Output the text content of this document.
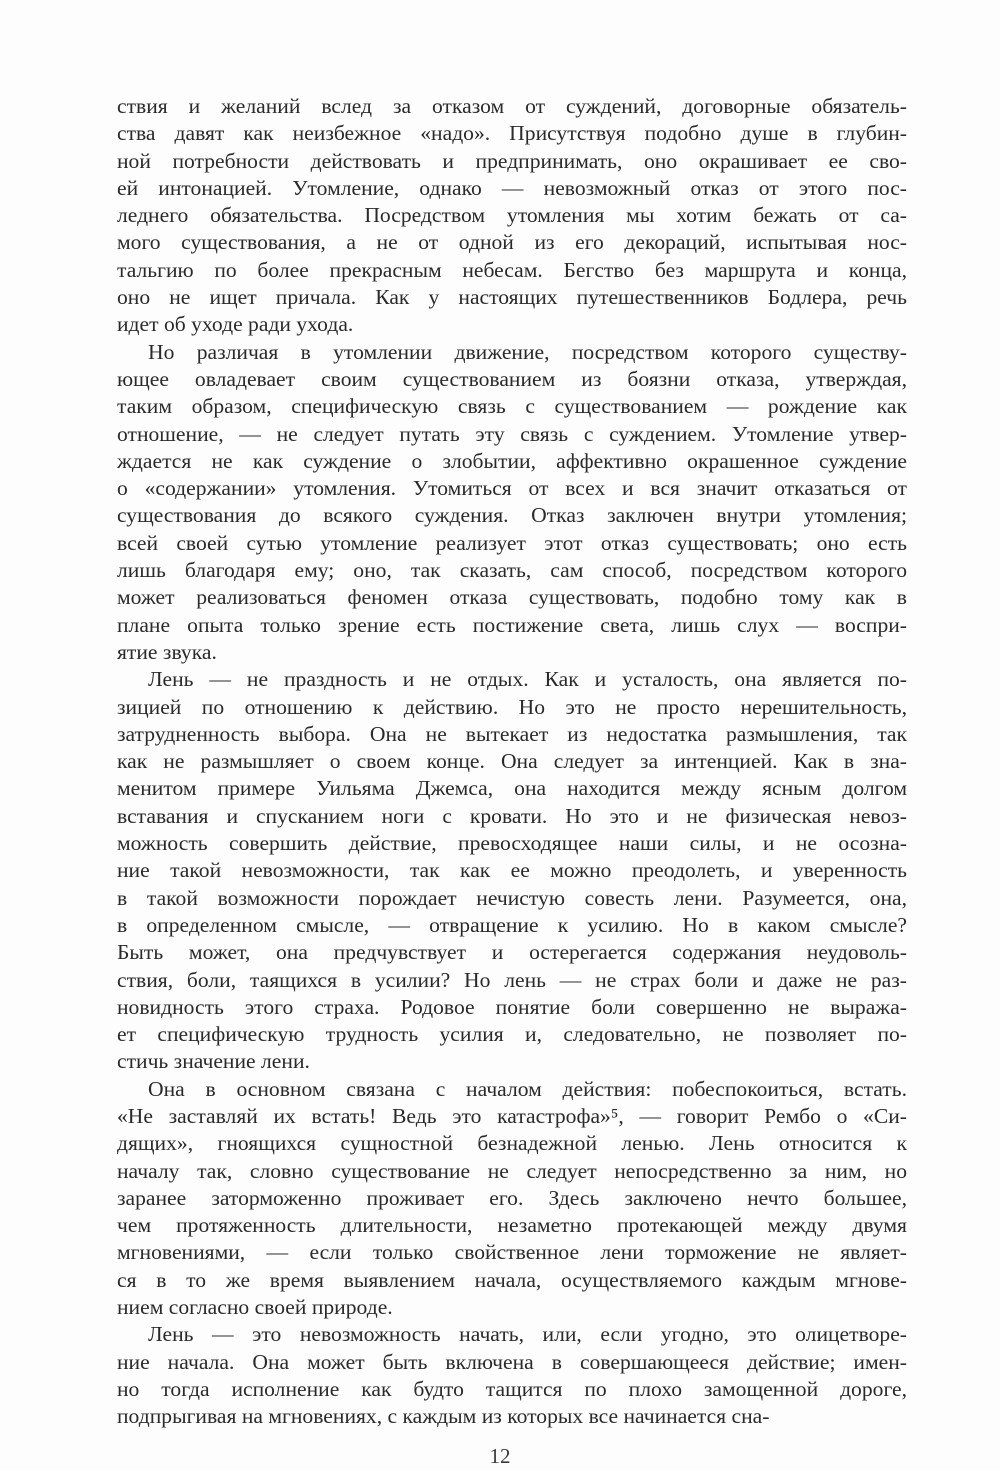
ствия и желаний вслед за отказом от суждений, договорные обязатель-
ства давят как неизбежное «надо». Присутствуя подобно душе в глубин-
ной потребности действовать и предпринимать, оно окрашивает ее сво-
ей интонацией. Утомление, однако — невозможный отказ от этого пос-
леднего обязательства. Посредством утомления мы хотим бежать от са-
мого существования, а не от одной из его декораций, испытывая нос-
тальгию по более прекрасным небесам. Бегство без маршрута и конца,
оно не ищет причала. Как у настоящих путешественников Бодлера, речь
идет об уходе ради ухода.
Но различая в утомлении движение, посредством которого существу-
ющее овладевает своим существованием из боязни отказа, утверждая,
таким образом, специфическую связь с существованием — рождение как
отношение, — не следует путать эту связь с суждением. Утомление утвер-
ждается не как суждение о злобытии, аффективно окрашенное суждение
о «содержании» утомления. Утомиться от всех и вся значит отказаться от
существования до всякого суждения. Отказ заключен внутри утомления;
всей своей сутью утомление реализует этот отказ существовать; оно есть
лишь благодаря ему; оно, так сказать, сам способ, посредством которого
может реализоваться феномен отказа существовать, подобно тому как в
плане опыта только зрение есть постижение света, лишь слух — воспри-
ятие звука.
Лень — не праздность и не отдых. Как и усталость, она является по-
зицией по отношению к действию. Но это не просто нерешительность,
затрудненность выбора. Она не вытекает из недостатка размышления, так
как не размышляет о своем конце. Она следует за интенцией. Как в зна-
менитом примере Уильяма Джемса, она находится между ясным долгом
вставания и спусканием ноги с кровати. Но это и не физическая невоз-
можность совершить действие, превосходящее наши силы, и не осозна-
ние такой невозможности, так как ее можно преодолеть, и уверенность
в такой возможности порождает нечистую совесть лени. Разумеется, она,
в определенном смысле, — отвращение к усилию. Но в каком смысле?
Быть может, она предчувствует и остерегается содержания неудоволь-
ствия, боли, таящихся в усилии? Но лень — не страх боли и даже не раз-
новидность этого страха. Родовое понятие боли совершенно не выража-
ет специфическую трудность усилия и, следовательно, не позволяет по-
стичь значение лени.
Она в основном связана с началом действия: побеспокоиться, встать.
«Не заставляй их встать! Ведь это катастрофа»⁵, — говорит Рембо о «Си-
дящих», гноящихся сущностной безнадежной ленью. Лень относится к
началу так, словно существование не следует непосредственно за ним, но
заранее заторможенно проживает его. Здесь заключено нечто большее,
чем протяженность длительности, незаметно протекающей между двумя
мгновениями, — если только свойственное лени торможение не являет-
ся в то же время выявлением начала, осуществляемого каждым мгнове-
нием согласно своей природе.
Лень — это невозможность начать, или, если угодно, это олицетворе-
ние начала. Она может быть включена в совершающееся действие; имен-
но тогда исполнение как будто тащится по плохо замощенной дороге,
подпрыгивая на мгновениях, с каждым из которых все начинается сна-
12
